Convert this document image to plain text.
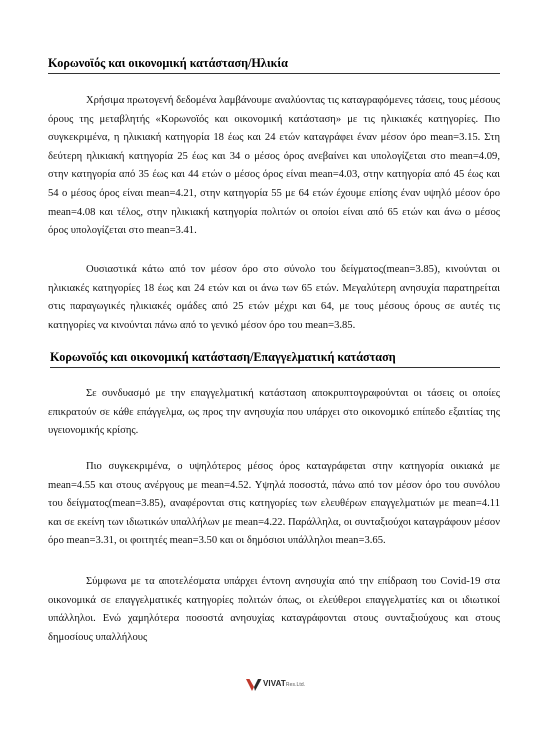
Κορωνοϊός και οικονομική κατάσταση/Ηλικία

Χρήσιμα πρωτογενή δεδομένα λαμβάνουμε αναλύοντας τις καταγραφόμενες τάσεις, τους μέσους όρους της μεταβλητής «Κορωνοϊός και οικονομική κατάσταση» με τις ηλικιακές κατηγορίες. Πιο συγκεκριμένα, η ηλικιακή κατηγορία 18 έως και 24 ετών καταγράφει έναν μέσον όρο mean=3.15. Στη δεύτερη ηλικιακή κατηγορία 25 έως και 34 ο μέσος όρος ανεβαίνει και υπολογίζεται στο mean=4.09, στην κατηγορία από 35 έως και 44 ετών ο μέσος όρος είναι mean=4.03, στην κατηγορία από 45 έως και 54 ο μέσος όρος είναι mean=4.21, στην κατηγορία 55 με 64 ετών έχουμε επίσης έναν υψηλό μέσον όρο mean=4.08 και τέλος, στην ηλικιακή κατηγορία πολιτών οι οποίοι είναι από 65 ετών και άνω ο μέσος όρος υπολογίζεται στο mean=3.41.

Ουσιαστικά κάτω από τον μέσον όρο στο σύνολο του δείγματος(mean=3.85), κινούνται οι ηλικιακές κατηγορίες 18 έως και 24 ετών και οι άνω των 65 ετών. Μεγαλύτερη ανησυχία παρατηρείται στις παραγωγικές ηλικιακές ομάδες από 25 ετών μέχρι και 64, με τους μέσους όρους σε αυτές τις κατηγορίες να κινούνται πάνω από το γενικό μέσον όρο του mean=3.85.

Κορωνοϊός και οικονομική κατάσταση/Επαγγελματική κατάσταση

Σε συνδυασμό με την επαγγελματική κατάσταση αποκρυπτογραφούνται οι τάσεις οι οποίες επικρατούν σε κάθε επάγγελμα, ως προς την ανησυχία που υπάρχει στο οικονομικό επίπεδο εξαιτίας της υγειονομικής κρίσης.

Πιο συγκεκριμένα, ο υψηλότερος μέσος όρος καταγράφεται στην κατηγορία οικιακά με mean=4.55 και στους ανέργους με mean=4.52. Υψηλά ποσοστά, πάνω από τον μέσον όρο του συνόλου του δείγματος(mean=3.85), αναφέρονται στις κατηγορίες των ελευθέρων επαγγελματιών με mean=4.11 και σε εκείνη των ιδιωτικών υπαλλήλων με mean=4.22. Παράλληλα, οι συνταξιούχοι καταγράφουν μέσον όρο mean=3.31, οι φοιτητές mean=3.50 και οι δημόσιοι υπάλληλοι mean=3.65.

Σύμφωνα με τα αποτελέσματα υπάρχει έντονη ανησυχία από την επίδραση του Covid-19 στα οικονομικά σε επαγγελματικές κατηγορίες πολιτών όπως, οι ελεύθεροι επαγγελματίες και οι ιδιωτικοί υπάλληλοι. Ενώ χαμηλότερα ποσοστά ανησυχίας καταγράφονται στους συνταξιούχους και στους δημοσίους υπαλλήλους

VIVATRes.Ltd.
